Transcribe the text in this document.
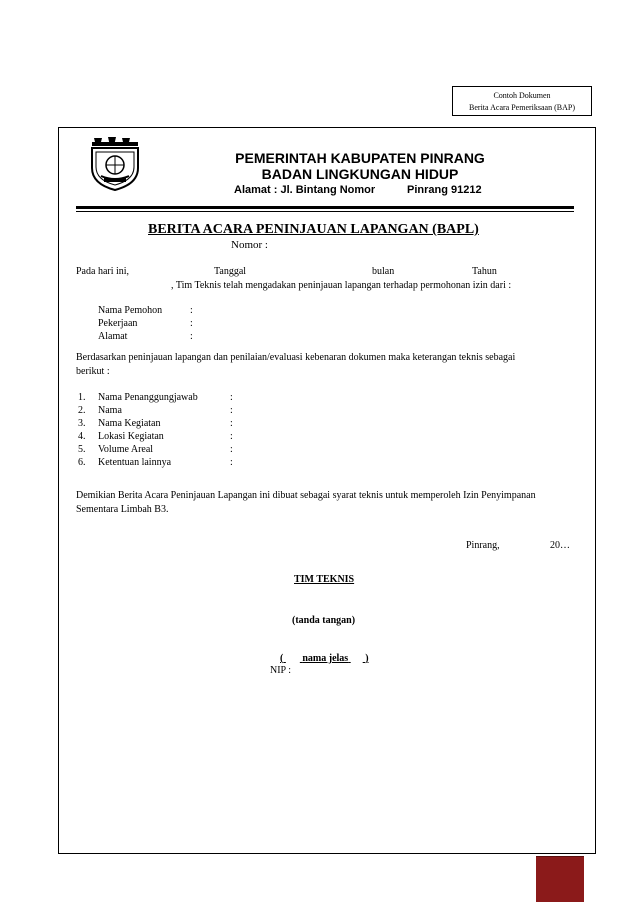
Contoh Dokumen
Berita Acara Pemeriksaan (BAP)
PEMERINTAH KABUPATEN PINRANG
BADAN LINGKUNGAN HIDUP
Alamat : Jl. Bintang Nomor	Pinrang 91212
BERITA ACARA PENINJAUAN LAPANGAN (BAPL)
Nomor :
Pada hari ini,	Tanggal	bulan	Tahun
, Tim Teknis telah mengadakan peninjauan lapangan terhadap permohonan izin dari :
Nama Pemohon	:
Pekerjaan	:
Alamat	:
Berdasarkan peninjauan lapangan dan penilaian/evaluasi kebenaran dokumen maka keterangan teknis sebagai
berikut :
1. Nama Penanggungjawab	:
2. Nama	:
3. Nama Kegiatan	:
4. Lokasi Kegiatan	:
5. Volume Areal	:
6. Ketentuan lainnya	:
Demikian Berita Acara Peninjauan Lapangan ini dibuat sebagai syarat teknis untuk memperoleh Izin Penyimpanan
Sementara Limbah B3.
Pinrang,	20…
TIM TEKNIS
(tanda tangan)
( nama jelas )
NIP :
